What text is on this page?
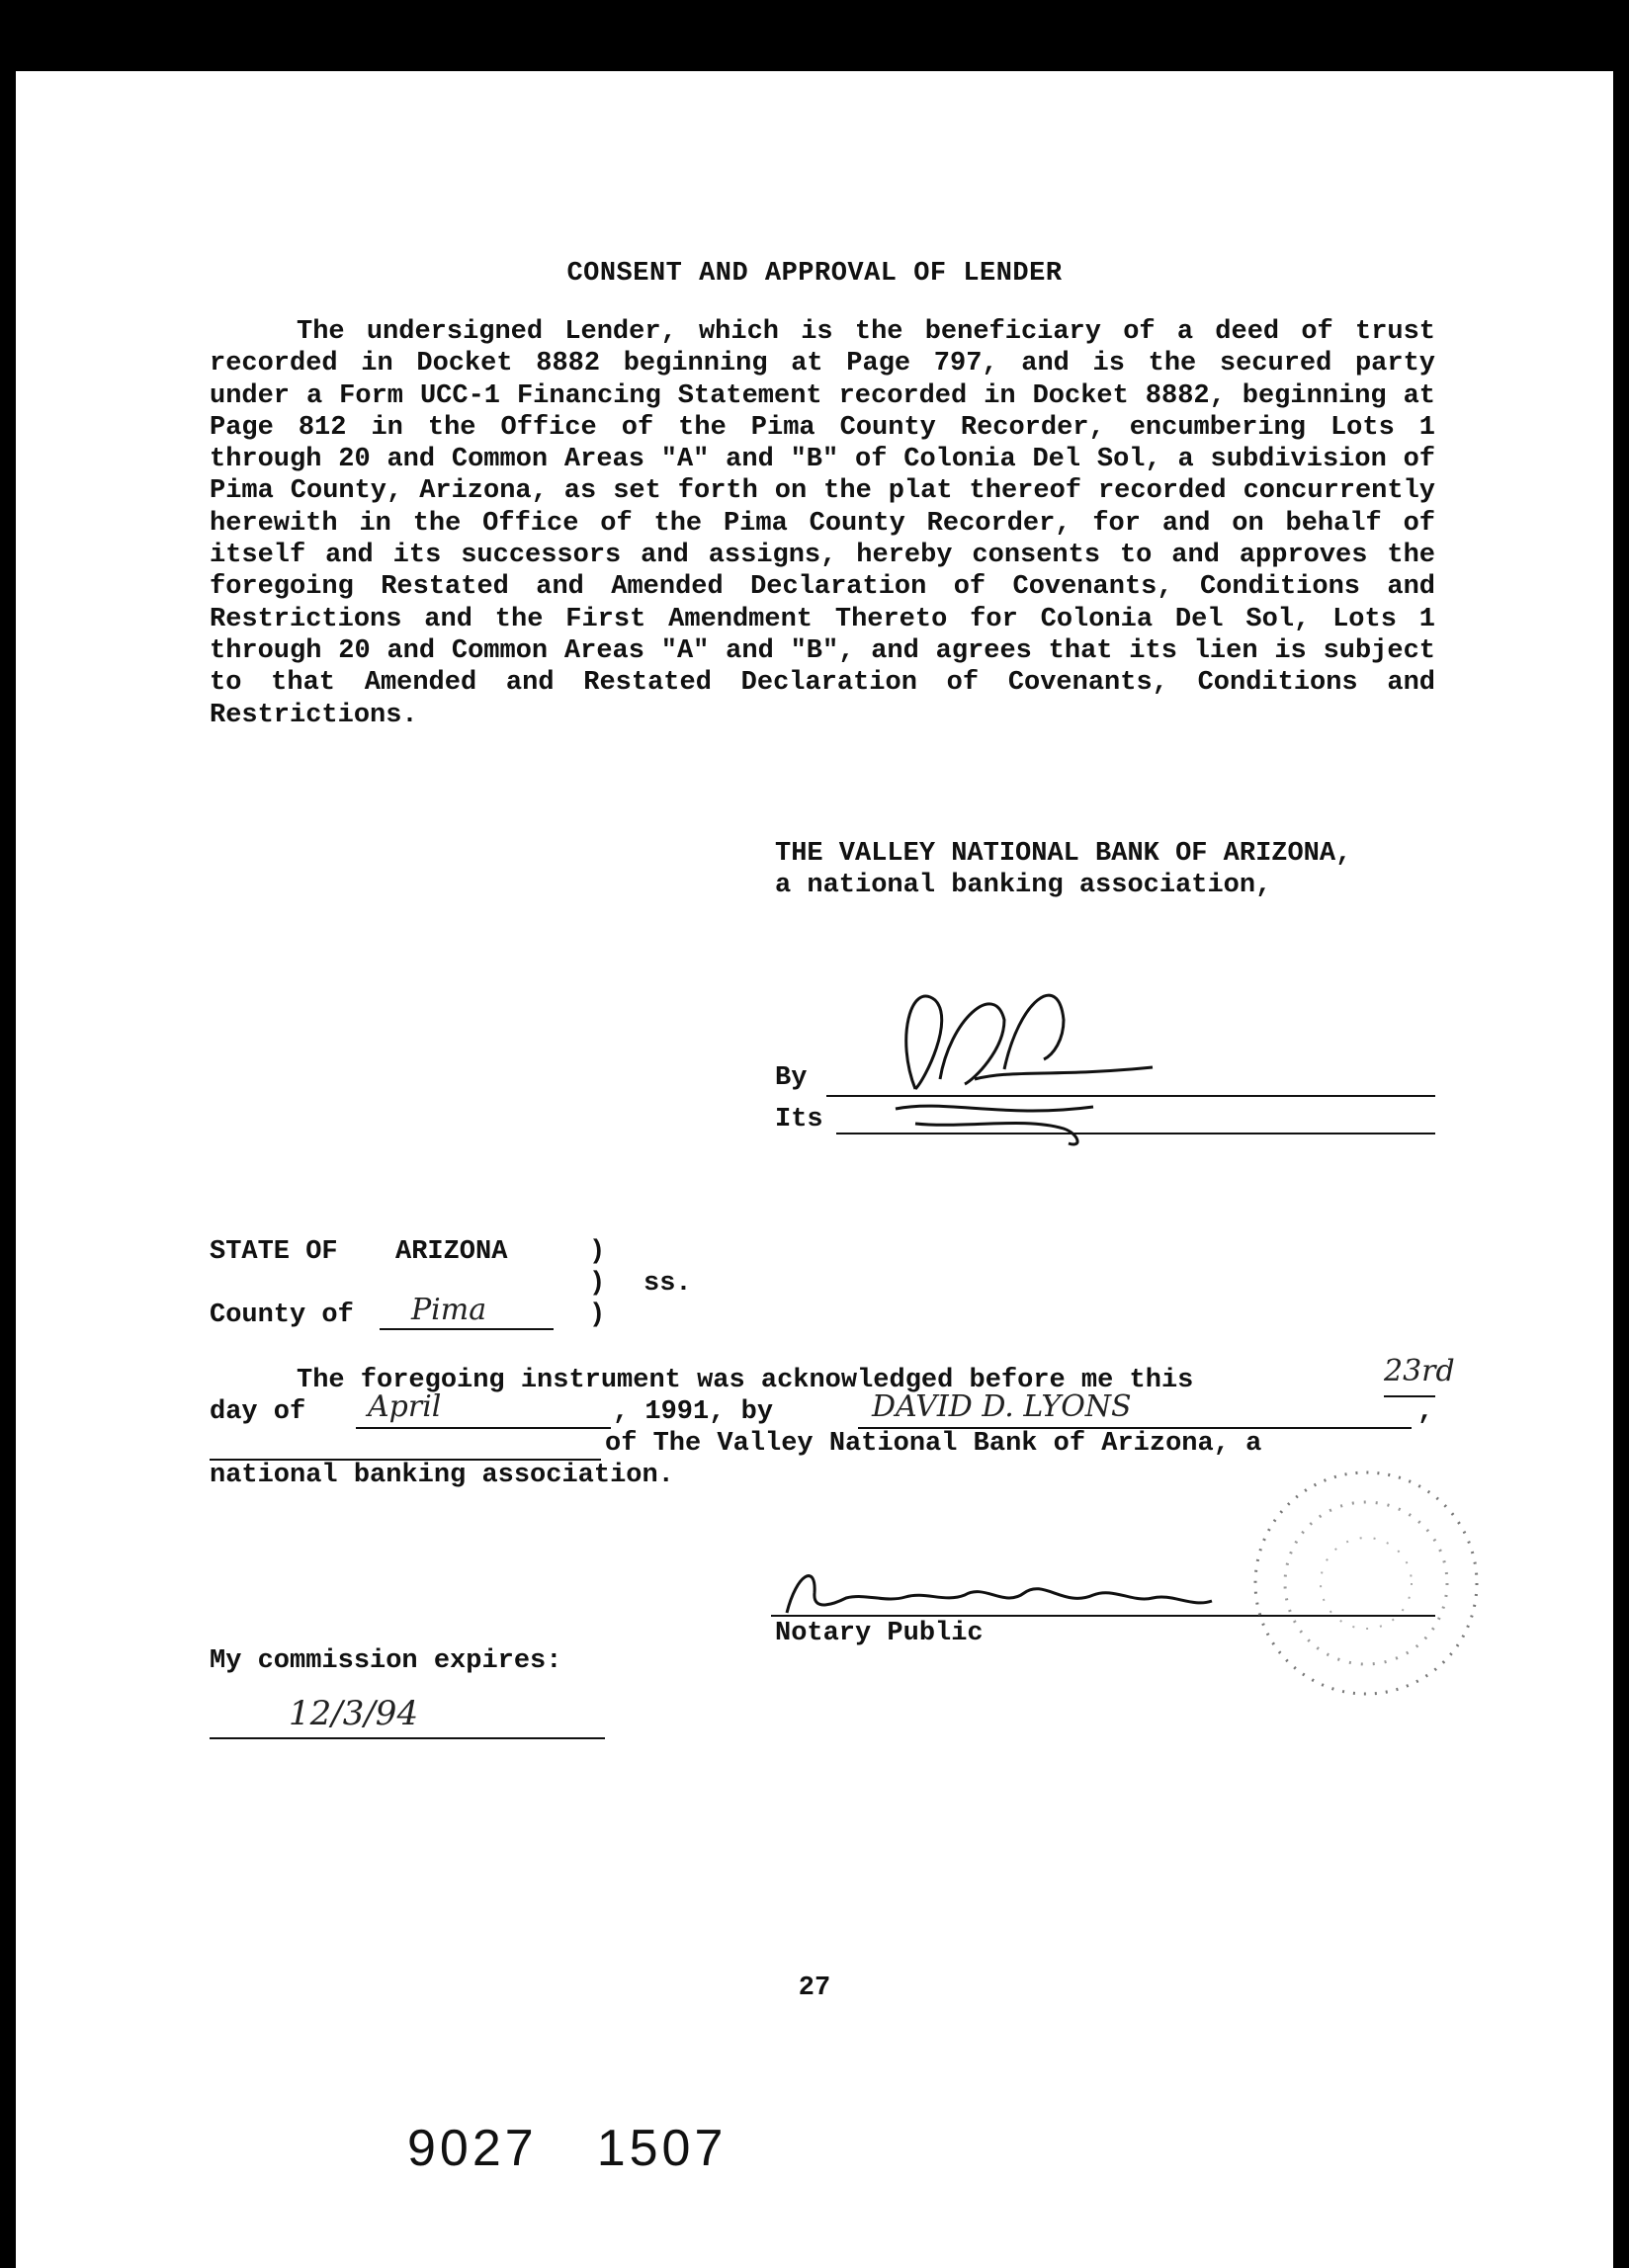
CONSENT AND APPROVAL OF LENDER
The undersigned Lender, which is the beneficiary of a deed of trust recorded in Docket 8882 beginning at Page 797, and is the secured party under a Form UCC-1 Financing Statement recorded in Docket 8882, beginning at Page 812 in the Office of the Pima County Recorder, encumbering Lots 1 through 20 and Common Areas "A" and "B" of Colonia Del Sol, a subdivision of Pima County, Arizona, as set forth on the plat thereof recorded concurrently herewith in the Office of the Pima County Recorder, for and on behalf of itself and its successors and assigns, hereby consents to and approves the foregoing Restated and Amended Declaration of Covenants, Conditions and Restrictions and the First Amendment Thereto for Colonia Del Sol, Lots 1 through 20 and Common Areas "A" and "B", and agrees that its lien is subject to that Amended and Restated Declaration of Covenants, Conditions and Restrictions.
THE VALLEY NATIONAL BANK OF ARIZONA,
a national banking association,
By
Its
STATE OF ARIZONA	)
) ss.
)
County of Pima
The foregoing instrument was acknowledged before me this	23rd
day of April	, 1991, by	DAVID D. LYONS	,
of The Valley National Bank of Arizona, a
national banking association.
Notary Public
My commission expires:
12/3/94
27
9027 1507
